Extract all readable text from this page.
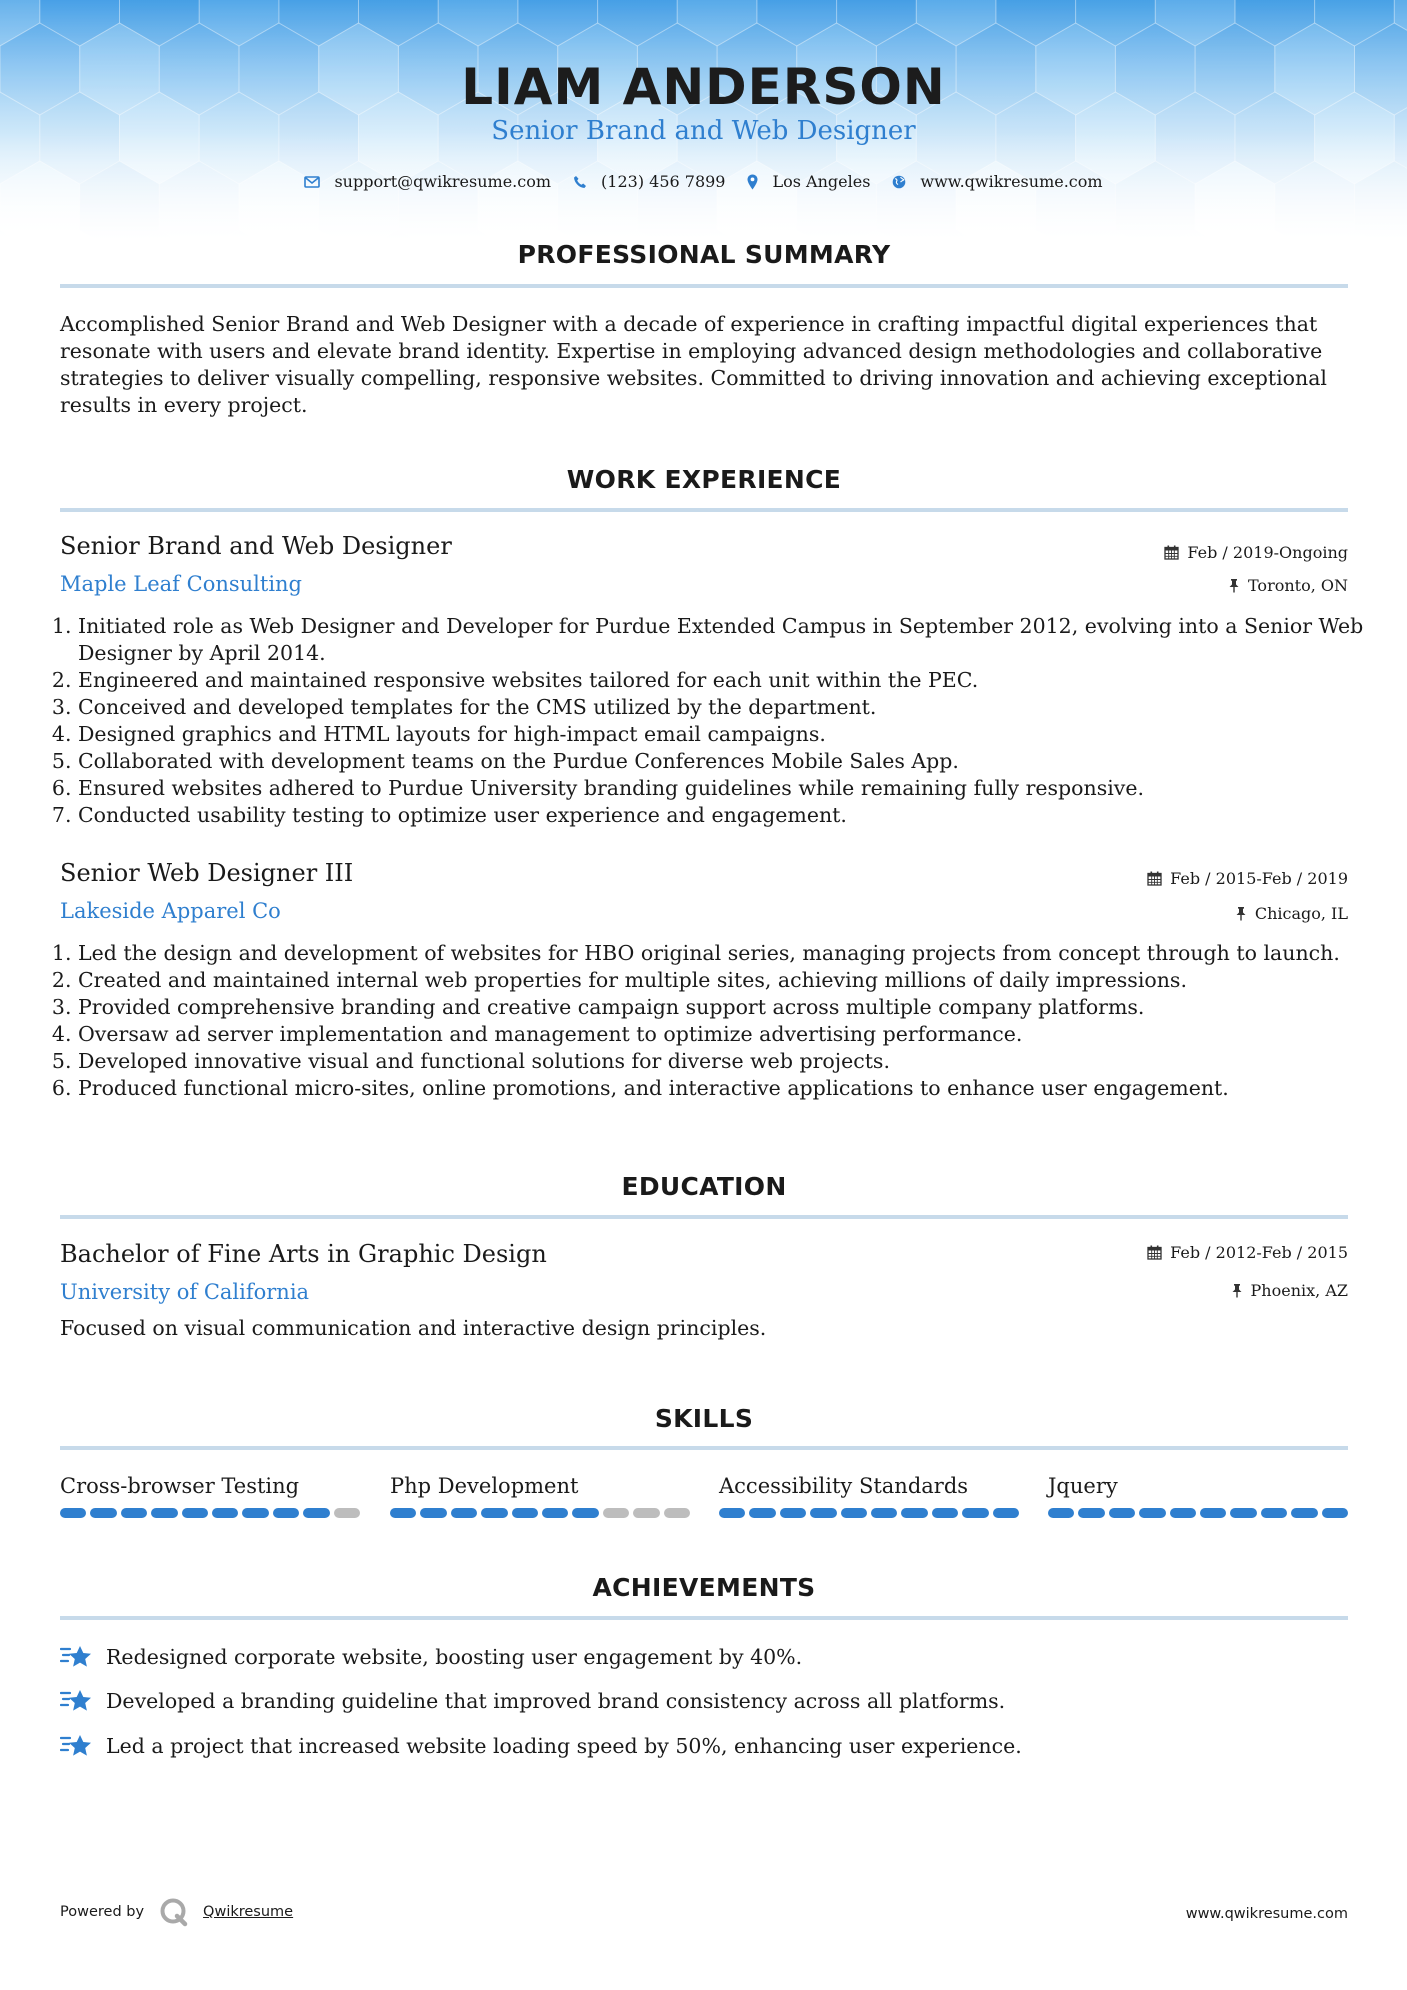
LIAM ANDERSON
Senior Brand and Web Designer
support@qwikresume.com	(123) 456 7899	Los Angeles	www.qwikresume.com
PROFESSIONAL SUMMARY
Accomplished Senior Brand and Web Designer with a decade of experience in crafting impactful digital experiences that resonate with users and elevate brand identity. Expertise in employing advanced design methodologies and collaborative strategies to deliver visually compelling, responsive websites. Committed to driving innovation and achieving exceptional results in every project.
WORK EXPERIENCE
Senior Brand and Web Designer	Feb / 2019-Ongoing
Maple Leaf Consulting	Toronto, ON
1. Initiated role as Web Designer and Developer for Purdue Extended Campus in September 2012, evolving into a Senior Web Designer by April 2014.
2. Engineered and maintained responsive websites tailored for each unit within the PEC.
3. Conceived and developed templates for the CMS utilized by the department.
4. Designed graphics and HTML layouts for high-impact email campaigns.
5. Collaborated with development teams on the Purdue Conferences Mobile Sales App.
6. Ensured websites adhered to Purdue University branding guidelines while remaining fully responsive.
7. Conducted usability testing to optimize user experience and engagement.
Senior Web Designer III	Feb / 2015-Feb / 2019
Lakeside Apparel Co	Chicago, IL
1. Led the design and development of websites for HBO original series, managing projects from concept through to launch.
2. Created and maintained internal web properties for multiple sites, achieving millions of daily impressions.
3. Provided comprehensive branding and creative campaign support across multiple company platforms.
4. Oversaw ad server implementation and management to optimize advertising performance.
5. Developed innovative visual and functional solutions for diverse web projects.
6. Produced functional micro-sites, online promotions, and interactive applications to enhance user engagement.
EDUCATION
Bachelor of Fine Arts in Graphic Design	Feb / 2012-Feb / 2015
University of California	Phoenix, AZ
Focused on visual communication and interactive design principles.
SKILLS
Cross-browser Testing	Php Development	Accessibility Standards	Jquery
ACHIEVEMENTS
Redesigned corporate website, boosting user engagement by 40%.
Developed a branding guideline that improved brand consistency across all platforms.
Led a project that increased website loading speed by 50%, enhancing user experience.
Powered by	Qwikresume	www.qwikresume.com
